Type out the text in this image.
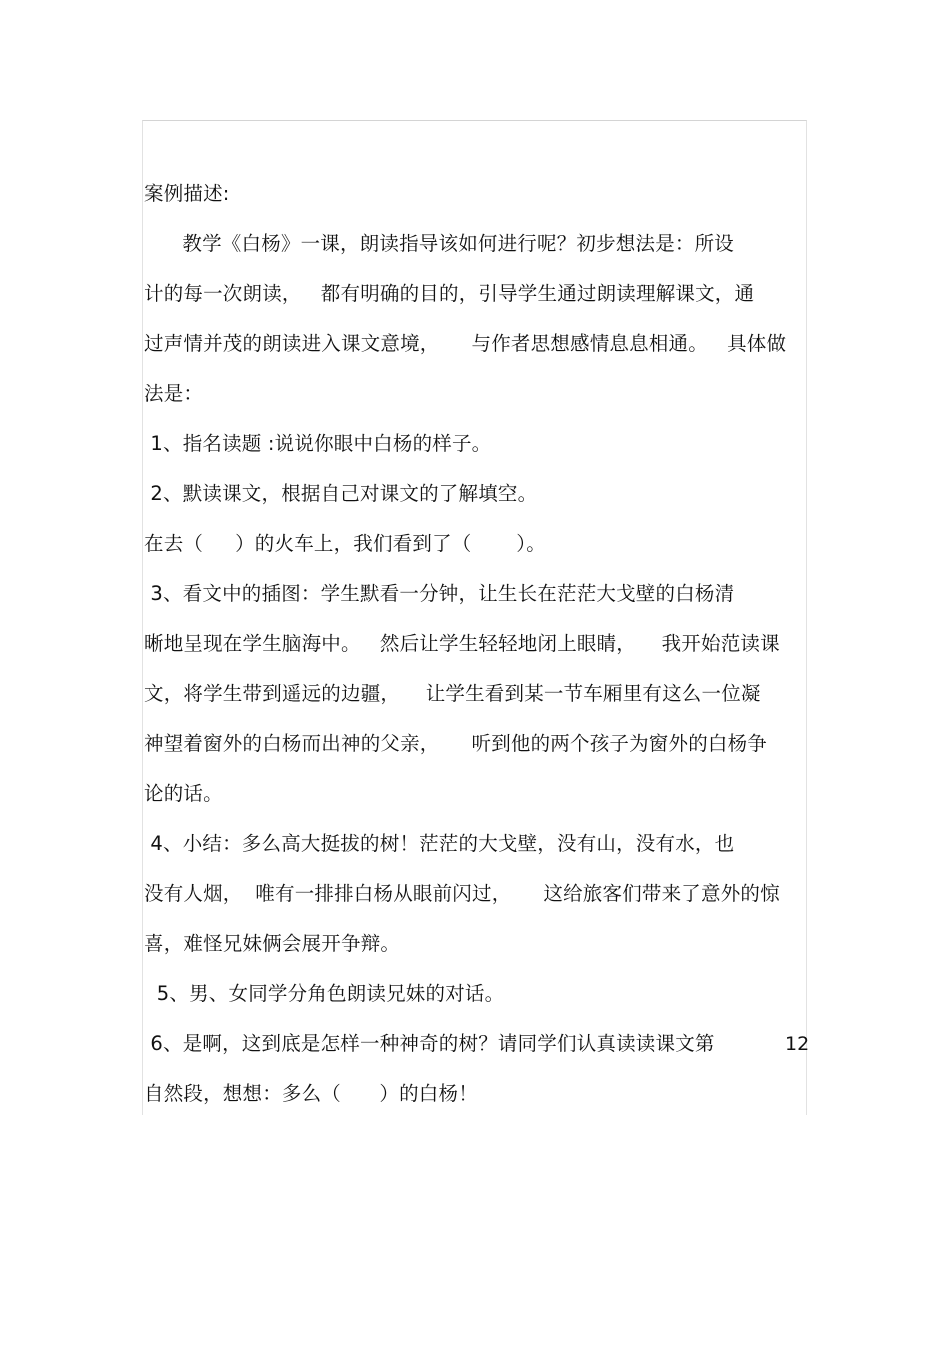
案例描述:
教学《白杨》一课，朗读指导该如何进行呢？初步想法是：所设
计的每一次朗读，   都有明确的目的，引导学生通过朗读理解课文，通
过声情并茂的朗读进入课文意境，     与作者思想感情息息相通。   具体做
法是：
1、指名读题 :说说你眼中白杨的样子。
2、默读课文，根据自己对课文的了解填空。
在去（     ）的火车上，我们看到了（       ）。
3、看文中的插图：学生默看一分钟，让生长在茫茫大戈壁的白杨清
晰地呈现在学生脑海中。   然后让学生轻轻地闭上眼睛，    我开始范读课
文，将学生带到遥远的边疆，    让学生看到某一节车厢里有这么一位凝
神望着窗外的白杨而出神的父亲，     听到他的两个孩子为窗外的白杨争
论的话。
4、小结：多么高大挺拔的树！茫茫的大戈壁，没有山，没有水，也
没有人烟，  唯有一排排白杨从眼前闪过，     这给旅客们带来了意外的惊
喜，难怪兄妹俩会展开争辩。
5、男、女同学分角色朗读兄妹的对话。
6、是啊，这到底是怎样一种神奇的树？请同学们认真读读课文第	12
自然段，想想：多么（      ）的白杨！
